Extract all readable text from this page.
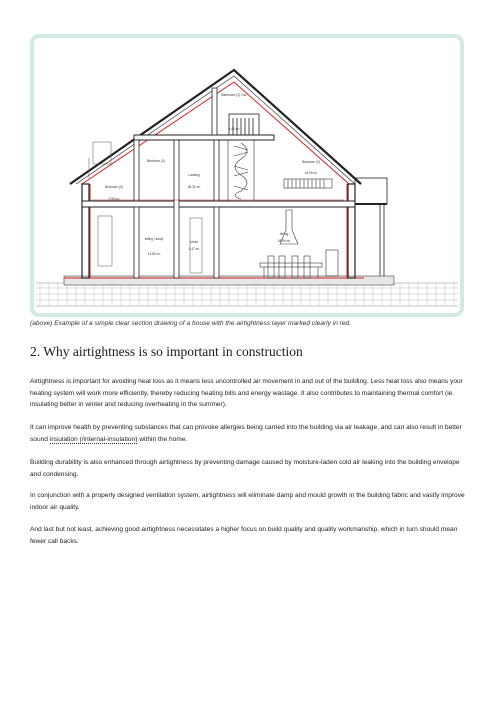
Bathroom (2) / wc
4.41 m²
Bedroom (2)
Landing
46.32 m²
Bedroom (3)
44.09 m²
Bedroom (3)
2.95 m²
sitting / study
13.83 m²
press
1.47 m²
dining
18.09 m²
(above) Example of a simple clear section drawing of a house with the airtightness layer marked clearly in red.
2. Why airtightness is so important in construction

Airtightness is important for avoiding heat loss as it means less uncontrolled air movement in and out of the building. Less heat loss also means your heating system will work more efficiently, thereby reducing heating bills and energy wastage. It also contributes to maintaining thermal comfort (ie. insulating better in winter and reducing overheating in the summer).

It can improve health by preventing substances that can provoke allergies being carried into the building via air leakage, and can also result in better sound insulation (/internal-insulation) within the home.

Building durability is also enhanced through airtightness by preventing damage caused by moisture-laden cold air leaking into the building envelope and condensing.

In conjunction with a properly designed ventilation system, airtightness will eliminate damp and mould growth in the building fabric and vastly improve indoor air quality.

And last but not least, achieving good airtightness necessitates a higher focus on build quality and quality workmanship, which in turn should mean fewer call backs.
